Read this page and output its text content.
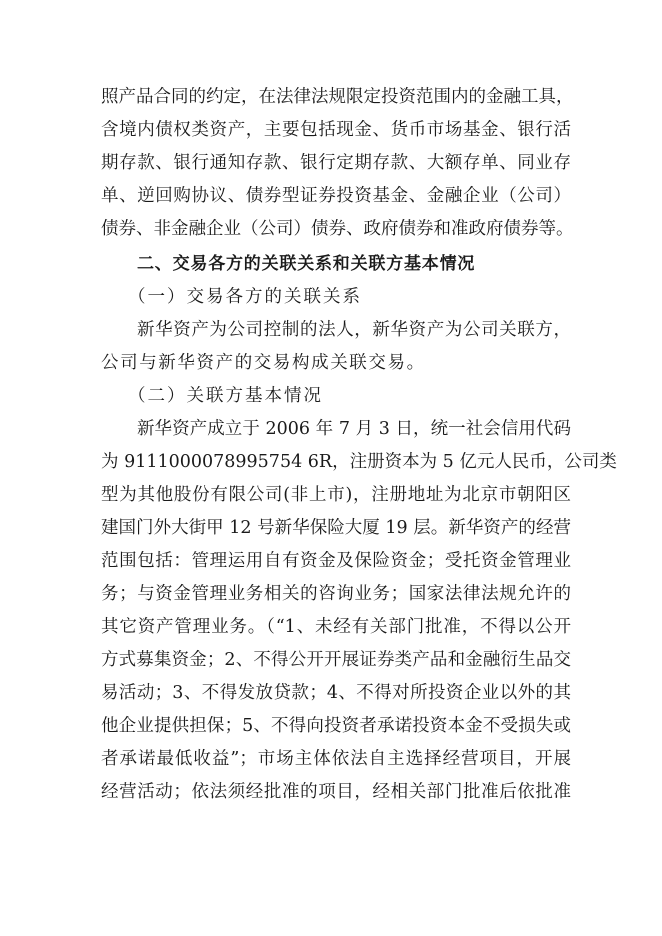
照产品合同的约定，在法律法规限定投资范围内的金融工具，
含境内债权类资产，主要包括现金、货币市场基金、银行活
期存款、银行通知存款、银行定期存款、大额存单、同业存
单、逆回购协议、债券型证券投资基金、金融企业（公司）
债券、非金融企业（公司）债券、政府债券和准政府债券等。
二、交易各方的关联关系和关联方基本情况
（一）交易各方的关联关系
新华资产为公司控制的法人，新华资产为公司关联方，
公司与新华资产的交易构成关联交易。
（二）关联方基本情况
新华资产成立于 2006 年 7 月 3 日，统一社会信用代码
为 9111000078995754 6R，注册资本为 5 亿元人民币，公司类
型为其他股份有限公司(非上市)，注册地址为北京市朝阳区
建国门外大街甲 12 号新华保险大厦 19 层。新华资产的经营
范围包括：管理运用自有资金及保险资金；受托资金管理业
务；与资金管理业务相关的咨询业务；国家法律法规允许的
其它资产管理业务。（“1、未经有关部门批准，不得以公开
方式募集资金；2、不得公开开展证券类产品和金融衍生品交
易活动；3、不得发放贷款；4、不得对所投资企业以外的其
他企业提供担保；5、不得向投资者承诺投资本金不受损失或
者承诺最低收益”；市场主体依法自主选择经营项目，开展
经营活动；依法须经批准的项目，经相关部门批准后依批准
